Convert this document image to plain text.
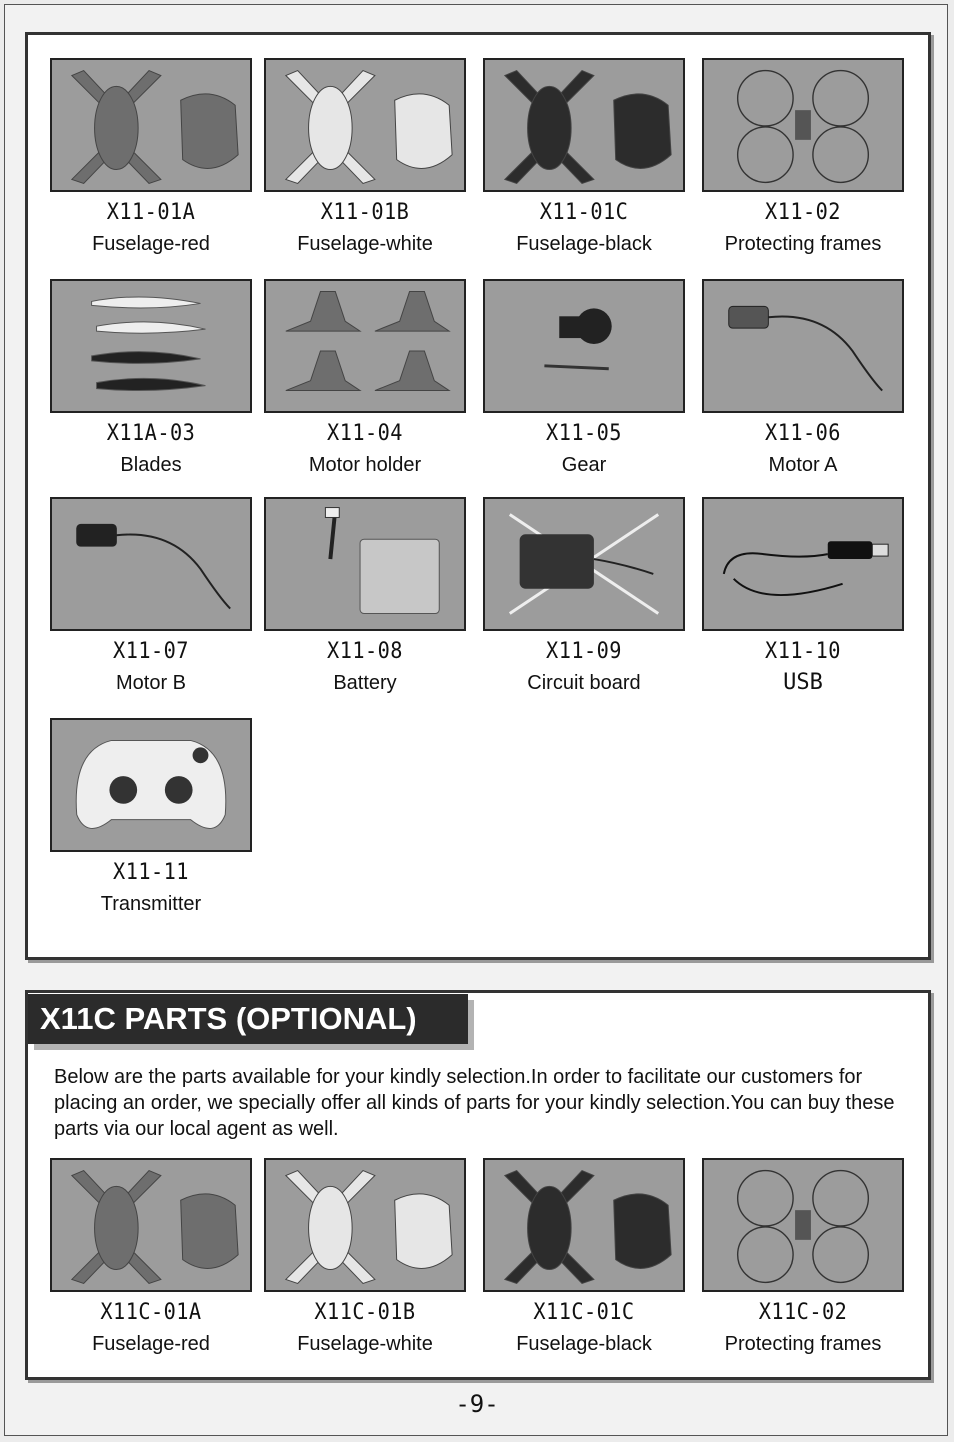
X11-01A
Fuselage-red
X11-01B
Fuselage-white
X11-01C
Fuselage-black
X11-02
Protecting frames
X11A-03
Blades
X11-04
Motor holder
X11-05
Gear
X11-06
Motor A
X11-07
Motor B
X11-08
Battery
X11-09
Circuit board
X11-10
USB
X11-11
Transmitter
X11C PARTS (OPTIONAL)
Below are the parts available for your kindly selection.In order to facilitate our customers for placing an order, we specially offer all kinds of parts for your kindly selection.You can buy these parts via our local agent as well.
X11C-01A
Fuselage-red
X11C-01B
Fuselage-white
X11C-01C
Fuselage-black
X11C-02
Protecting frames
-9-
